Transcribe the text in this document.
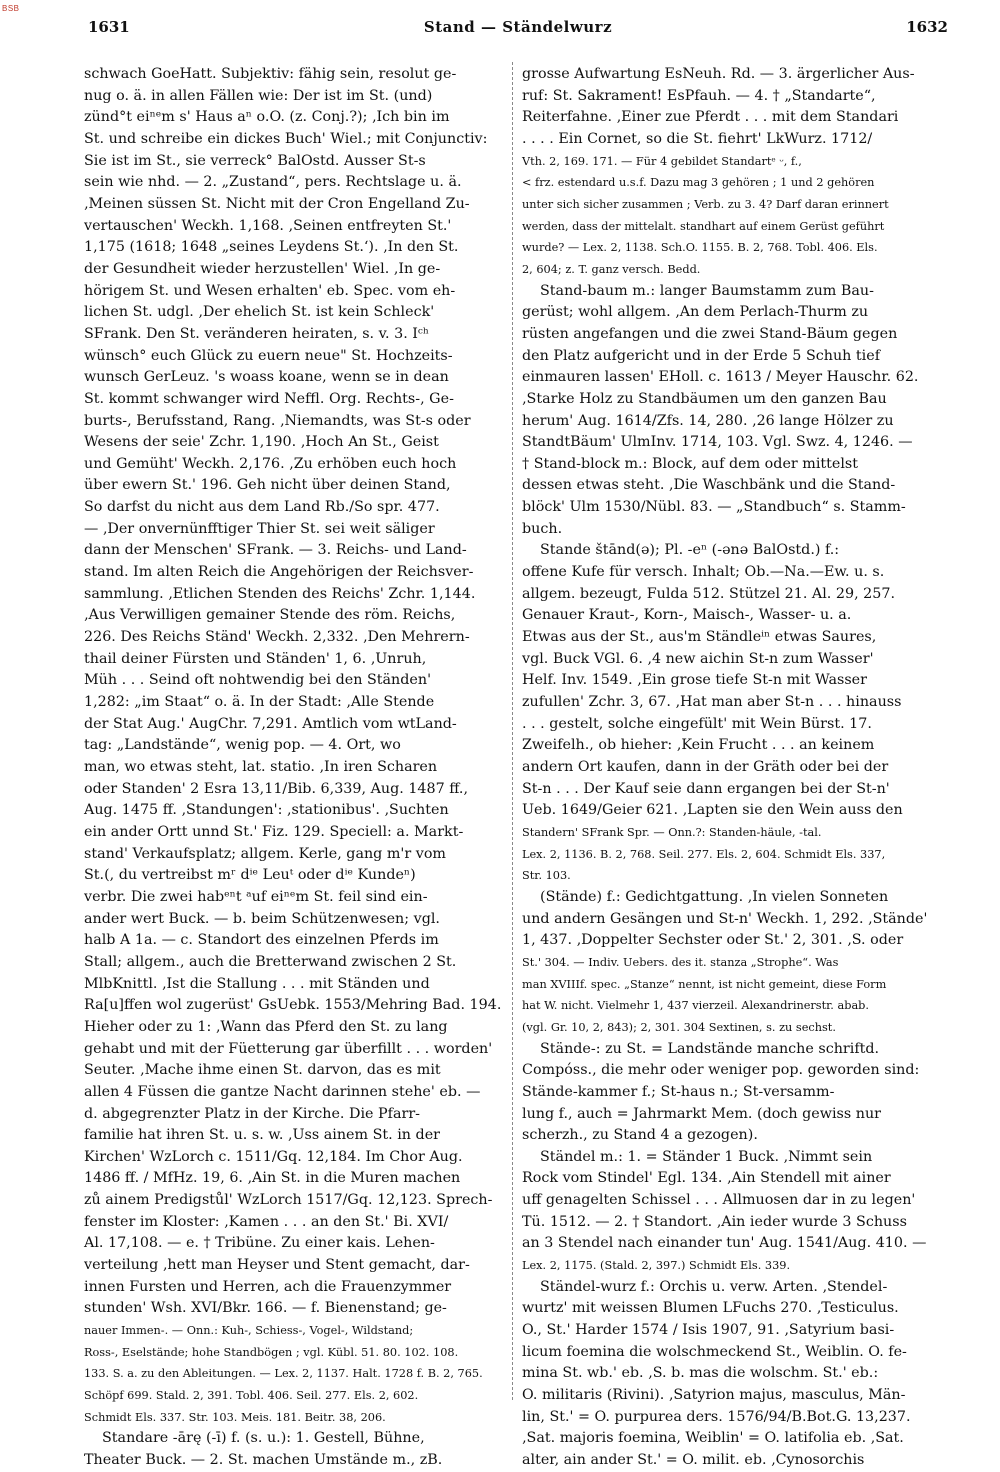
BSB
1631	Stand — Ständelwurz	1632
schwach GoeHatt. Subjektiv: fähig sein, resolut ge-
nug o. ä. in allen Fällen wie: Der ist im St. (und)
zünd°t eiⁿᵉm s' Haus aⁿ o.O. (z. Conj.?); ‚Ich bin im
St. und schreibe ein dickes Buch' Wiel.; mit Conjunctiv:
Sie ist im St., sie verreck° BalOstd. Ausser St-s
sein wie nhd. — 2. „Zustand“, pers. Rechtslage u. ä.
‚Meinen süssen St. Nicht mit der Cron Engelland Zu-
vertauschen' Weckh. 1,168. ‚Seinen entfreyten St.'
1,175 (1618; 1648 „seines Leydens St.‘). ‚In den St.
der Gesundheit wieder herzustellen' Wiel. ‚In ge-
hörigem St. und Wesen erhalten' eb. Spec. vom eh-
lichen St. udgl. ‚Der ehelich St. ist kein Schleck'
SFrank. Den St. veränderen heiraten, s. v. 3. Iᶜʰ
wünsch° euch Glück zu euern neue" St. Hochzeits-
wunsch GerLeuz. 's woass koane, wenn se in dean
St. kommt schwanger wird Neffl. Org. Rechts-, Ge-
burts-, Berufsstand, Rang. ‚Niemandts, was St-s oder
Wesens der seie' Zchr. 1,190. ‚Hoch An St., Geist
und Gemüht' Weckh. 2,176. ‚Zu erhöben euch hoch
über ewern St.' 196. Geh nicht über deinen Stand,
So darfst du nicht aus dem Land Rb./So spr. 477.
— ‚Der onvernünfftiger Thier St. sei weit säliger
dann der Menschen' SFrank. — 3. Reichs- und Land-
stand. Im alten Reich die Angehörigen der Reichsver-
sammlung. ‚Etlichen Stenden des Reichs' Zchr. 1,144.
‚Aus Verwilligen gemainer Stende des röm. Reichs,
226. Des Reichs Ständ' Weckh. 2,332. ‚Den Mehrern-
thail deiner Fürsten und Ständen' 1, 6. ‚Unruh,
Müh . . . Seind oft nohtwendig bei den Ständen'
1,282: „im Staat“ o. ä. In der Stadt: ‚Alle Stende
der Stat Aug.' AugChr. 7,291. Amtlich vom wtLand-
tag: „Landstände“, wenig pop. — 4. Ort, wo
man, wo etwas steht, lat. statio. ‚In iren Scharen
oder Standen' 2 Esra 13,11/Bib. 6,339, Aug. 1487 ff.,
Aug. 1475 ff. ‚Standungen': ‚stationibus'. ‚Suchten
ein ander Ortt unnd St.' Fiz. 129. Speciell: a. Markt-
stand' Verkaufsplatz; allgem. Kerle, gang m'r vom
St.(, du vertreibst mʳ dⁱᵉ Leuᵗ oder dⁱᵉ Kundeⁿ)
verbr. Die zwei habᵉⁿt ᵃuf eiⁿᵉm St. feil sind ein-
ander wert Buck. — b. beim Schützenwesen; vgl.
halb A 1a. — c. Standort des einzelnen Pferds im
Stall; allgem., auch die Bretterwand zwischen 2 St.
MlbKnittl. ‚Ist die Stallung . . . mit Ständen und
Ra[u]ffen wol zugerüst' GsUebk. 1553/Mehring Bad. 194.
Hieher oder zu 1: ‚Wann das Pferd den St. zu lang
gehabt und mit der Füetterung gar überfillt . . . worden'
Seuter. ‚Mache ihme einen St. darvon, das es mit
allen 4 Füssen die gantze Nacht darinnen stehe' eb. —
d. abgegrenzter Platz in der Kirche. Die Pfarr-
familie hat ihren St. u. s. w. ‚Uss ainem St. in der
Kirchen' WzLorch c. 1511/Gq. 12,184. Im Chor Aug.
1486 ff. / MfHz. 19, 6. ‚Ain St. in die Muren machen
zů ainem Predigstůl' WzLorch 1517/Gq. 12,123. Sprech-
fenster im Kloster: ‚Kamen . . . an den St.' Bi. XVI/
Al. 17,108. — e. † Tribüne. Zu einer kais. Lehen-
verteilung ‚hett man Heyser und Stent gemacht, dar-
innen Fursten und Herren, ach die Frauenzymmer
stunden' Wsh. XVI/Bkr. 166. — f. Bienenstand; ge-
nauer Immen-. — Onn.: Kuh-, Schiess-, Vogel-, Wildstand;
Ross-, Eselstände; hohe Standbögen ; vgl. Kübl. 51. 80. 102. 108.
133. S. a. zu den Ableitungen. — Lex. 2, 1137. Halt. 1728 f. B. 2, 765.
Schöpf 699. Stald. 2, 391. Tobl. 406. Seil. 277. Els. 2, 602.
Schmidt Els. 337. Str. 103. Meis. 181. Beitr. 38, 206.
Standare -ārę (-ī) f. (s. u.): 1. Gestell, Bühne,
Theater Buck. — 2. St. machen Umstände m., zB.
grosse Aufwartung EsNeuh. Rd. — 3. ärgerlicher Aus-
ruf: St. Sakrament! EsPfauh. — 4. † „Standarte“,
Reiterfahne. ‚Einer zue Pferdt . . . mit dem Standari
. . . . Ein Cornet, so die St. fiehrt' LkWurz. 1712/
Vth. 2, 169. 171. — Für 4 gebildet Standartᵉ ᵕ, f.,
< frz. estendard u.s.f. Dazu mag 3 gehören ; 1 und 2 gehören
unter sich sicher zusammen ; Verb. zu 3. 4? Darf daran erinnert
werden, dass der mittelalt. standhart auf einem Gerüst geführt
wurde? — Lex. 2, 1138. Sch.O. 1155. B. 2, 768. Tobl. 406. Els.
2, 604; z. T. ganz versch. Bedd.
Stand-baum m.: langer Baumstamm zum Bau-
gerüst; wohl allgem. ‚An dem Perlach-Thurm zu
rüsten angefangen und die zwei Stand-Bäum gegen
den Platz aufgericht und in der Erde 5 Schuh tief
einmauren lassen' EHoll. c. 1613 / Meyer Hauschr. 62.
‚Starke Holz zu Standbäumen um den ganzen Bau
herum' Aug. 1614/Zfs. 14, 280. ‚26 lange Hölzer zu
StandtBäum' UlmInv. 1714, 103. Vgl. Swz. 4, 1246. —
† Stand-block m.: Block, auf dem oder mittelst
dessen etwas steht. ‚Die Waschbänk und die Stand-
blöck' Ulm 1530/Nübl. 83. — „Standbuch“ s. Stamm-
buch.
Stande štānd(ə); Pl. -eⁿ (-ənə BalOstd.) f.:
offene Kufe für versch. Inhalt; Ob.—Na.—Ew. u. s.
allgem. bezeugt, Fulda 512. Stützel 21. Al. 29, 257.
Genauer Kraut-, Korn-, Maisch-, Wasser- u. a.
Etwas aus der St., aus'm Ständleⁱⁿ etwas Saures,
vgl. Buck VGl. 6. ‚4 new aichin St-n zum Wasser'
Helf. Inv. 1549. ‚Ein grose tiefe St-n mit Wasser
zufullen' Zchr. 3, 67. ‚Hat man aber St-n . . . hinauss
. . . gestelt, solche eingefült' mit Wein Bürst. 17.
Zweifelh., ob hieher: ‚Kein Frucht . . . an keinem
andern Ort kaufen, dann in der Gräth oder bei der
St-n . . . Der Kauf seie dann ergangen bei der St-n'
Ueb. 1649/Geier 621. ‚Lapten sie den Wein auss den
Standern' SFrank Spr. — Onn.?: Standen-häule, -tal.
Lex. 2, 1136. B. 2, 768. Seil. 277. Els. 2, 604. Schmidt Els. 337,
Str. 103.
(Stände) f.: Gedichtgattung. ‚In vielen Sonneten
und andern Gesängen und St-n' Weckh. 1, 292. ‚Stände'
1, 437. ‚Doppelter Sechster oder St.' 2, 301. ‚S. oder
St.' 304. — Indiv. Uebers. des it. stanza „Strophe“. Was
man XVIIIf. spec. „Stanze“ nennt, ist nicht gemeint, diese Form
hat W. nicht. Vielmehr 1, 437 vierzeil. Alexandrinerstr. abab.
(vgl. Gr. 10, 2, 843); 2, 301. 304 Sextinen, s. zu sechst.
Stände-: zu St. = Landstände manche schriftd.
Compóss., die mehr oder weniger pop. geworden sind:
Stände-kammer f.; St-haus n.; St-versamm-
lung f., auch = Jahrmarkt Mem. (doch gewiss nur
scherzh., zu Stand 4 a gezogen).
Ständel m.: 1. = Ständer 1 Buck. ‚Nimmt sein
Rock vom Stindel' Egl. 134. ‚Ain Stendell mit ainer
uff genagelten Schissel . . . Allmuosen dar in zu legen'
Tü. 1512. — 2. † Standort. ‚Ain ieder wurde 3 Schuss
an 3 Stendel nach einander tun' Aug. 1541/Aug. 410. —
Lex. 2, 1175. (Stald. 2, 397.) Schmidt Els. 339.
Ständel-wurz f.: Orchis u. verw. Arten. ‚Stendel-
wurtz' mit weissen Blumen LFuchs 270. ‚Testiculus.
O., St.' Harder 1574 / Isis 1907, 91. ‚Satyrium basi-
licum foemina die wolschmeckend St., Weiblin. O. fe-
mina St. wb.' eb. ‚S. b. mas die wolschm. St.' eb.:
O. militaris (Rivini). ‚Satyrion majus, masculus, Män-
lin, St.' = O. purpurea ders. 1576/94/B.Bot.G. 13,237.
‚Sat. majoris foemina, Weiblin' = O. latifolia eb. ‚Sat.
alter, ain ander St.' = O. milit. eb. ‚Cynosorchis
